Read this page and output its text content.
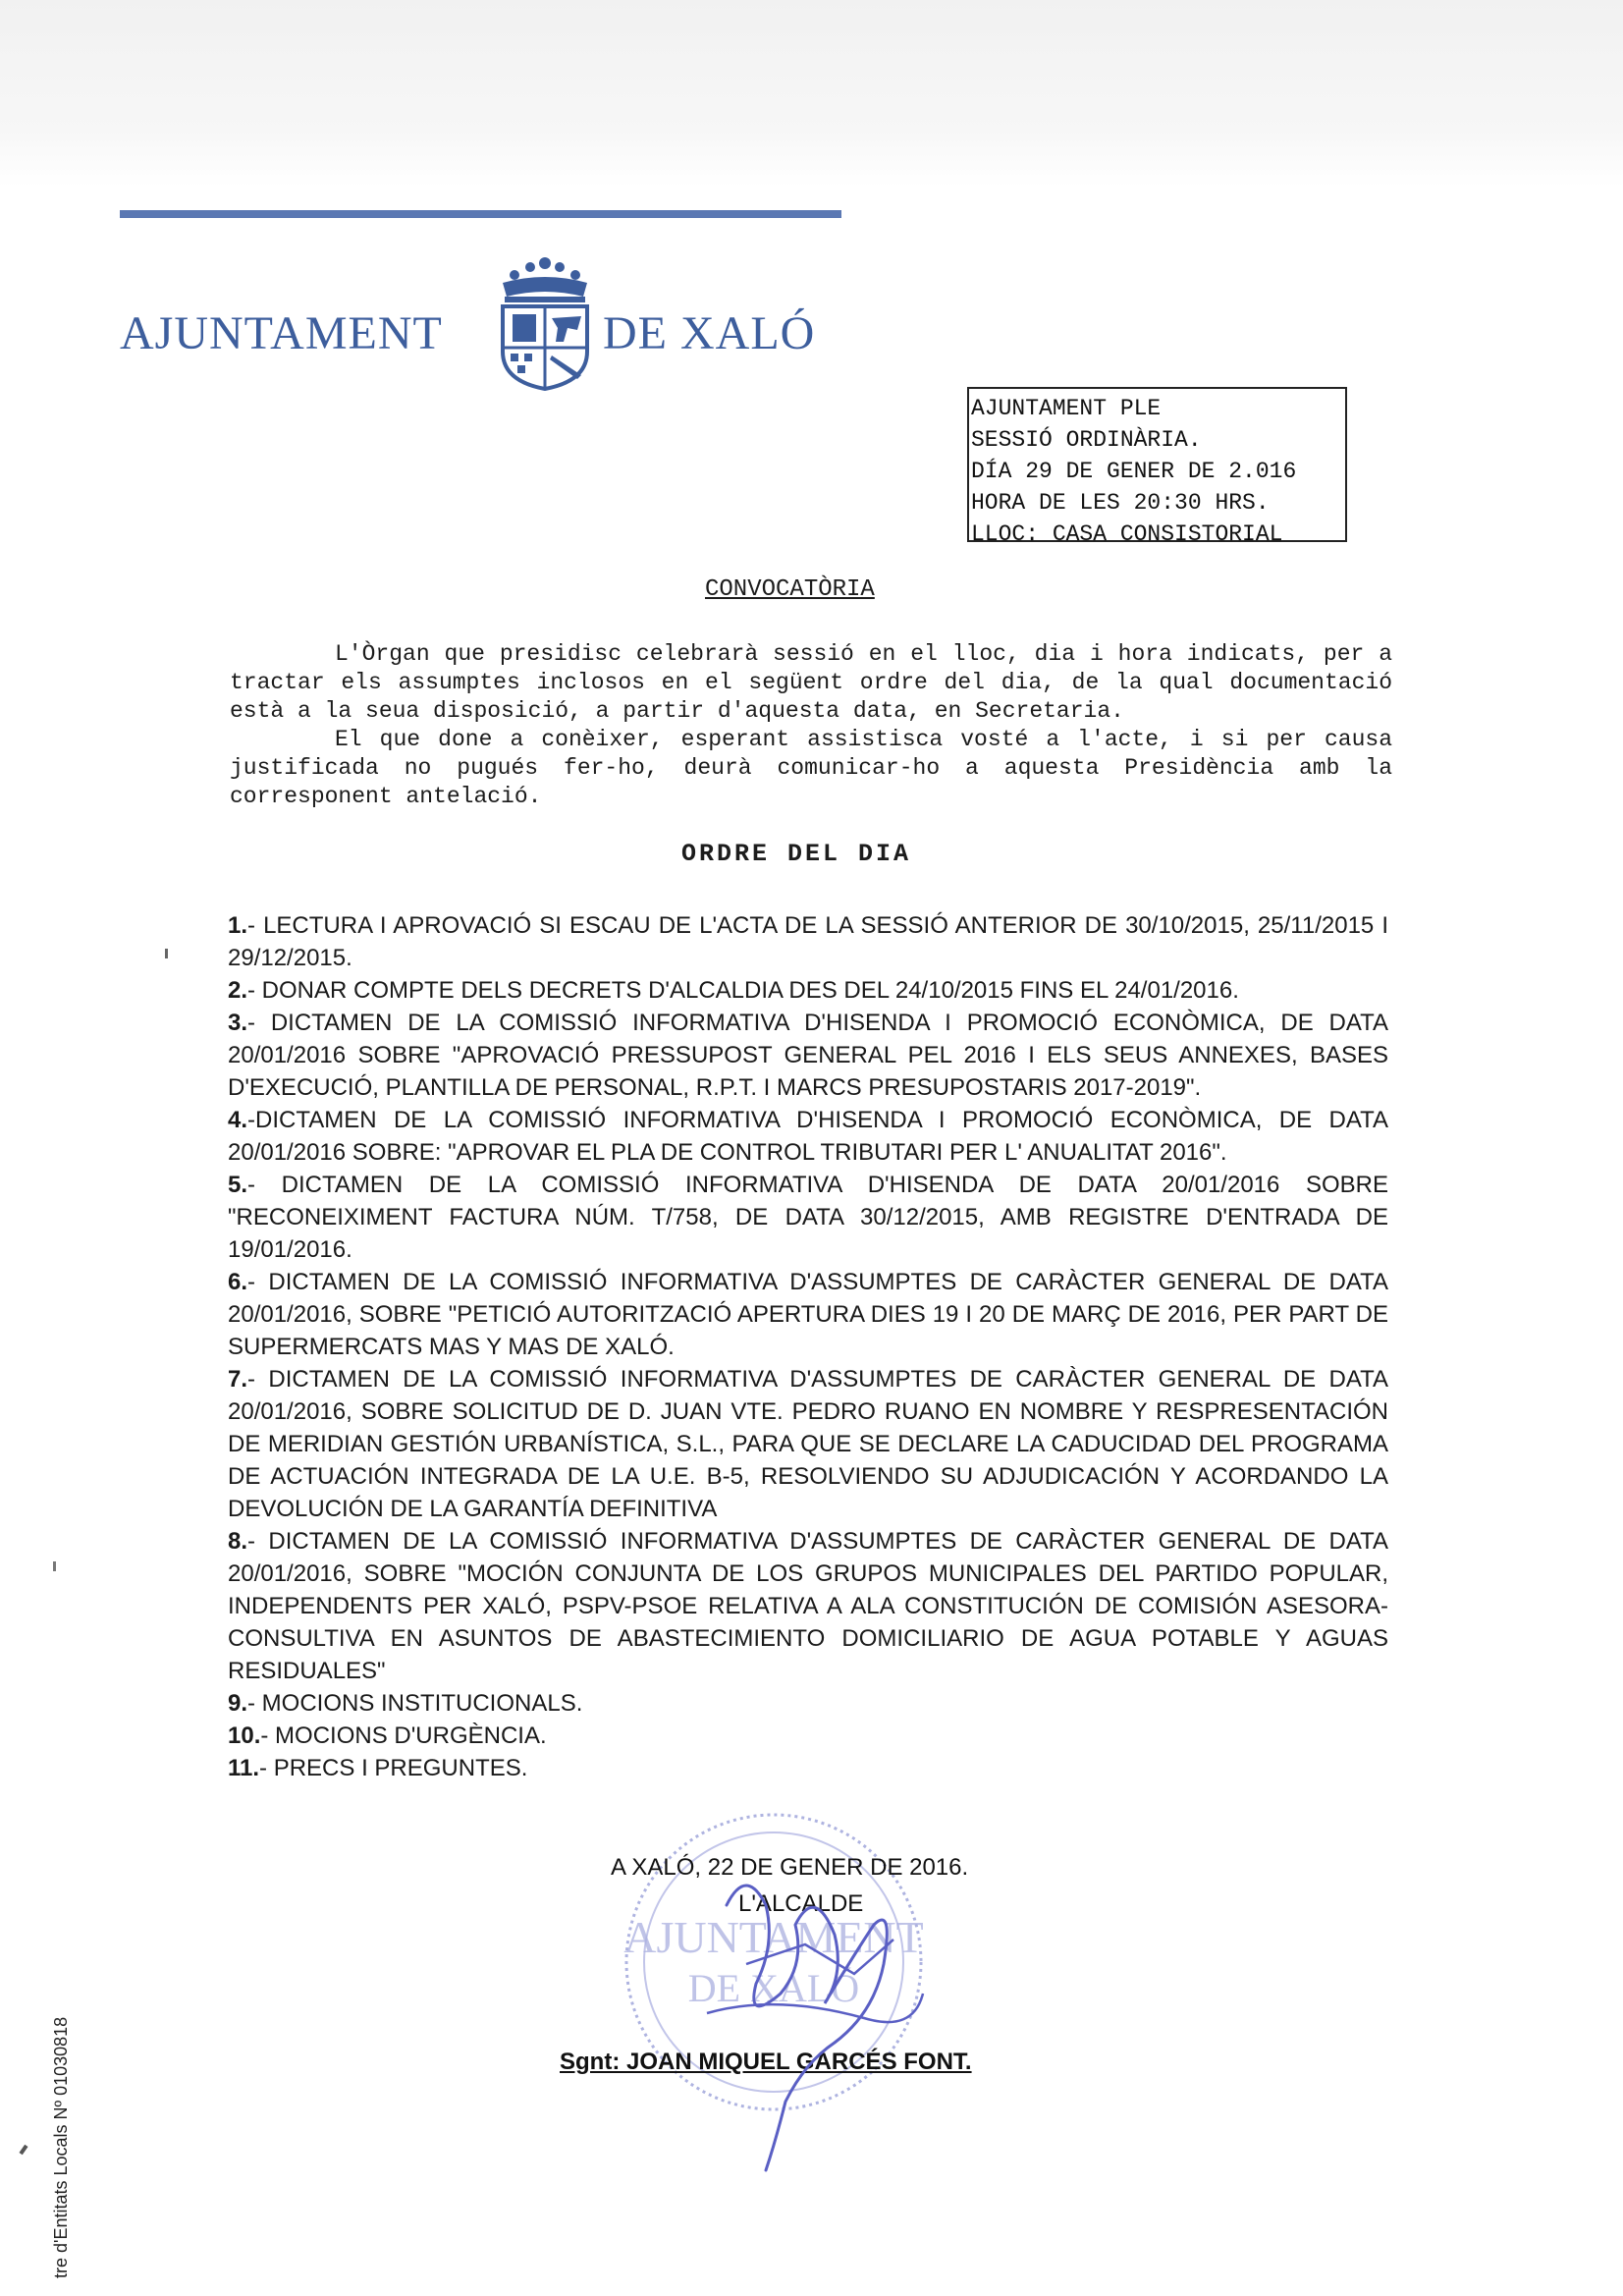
AJUNTAMENT	DE XALÓ
AJUNTAMENT PLE
SESSIÓ ORDINÀRIA.
DÍA 29 DE GENER DE 2.016
HORA DE LES 20:30 HRS.
LLOC: CASA CONSISTORIAL
CONVOCATÒRIA

L'Òrgan que presidisc celebrarà sessió en el lloc, dia i hora indicats, per a tractar els assumptes inclosos en el següent ordre del dia, de la qual documentació està a la seua disposició, a partir d'aquesta data, en Secretaria.

El que done a conèixer, esperant assistisca vosté a l'acte, i si per causa justificada no pugués fer-ho, deurà comunicar-ho a aquesta Presidència amb la corresponent antelació.

ORDRE DEL DIA
1.- LECTURA I APROVACIÓ SI ESCAU DE L'ACTA DE LA SESSIÓ ANTERIOR DE 30/10/2015, 25/11/2015 I 29/12/2015.
2.- DONAR COMPTE DELS DECRETS D'ALCALDIA DES DEL 24/10/2015 FINS EL 24/01/2016.
3.- DICTAMEN DE LA COMISSIÓ INFORMATIVA D'HISENDA I PROMOCIÓ ECONÒMICA, DE DATA 20/01/2016 SOBRE "APROVACIÓ PRESSUPOST GENERAL PEL 2016 I ELS SEUS ANNEXES, BASES D'EXECUCIÓ, PLANTILLA DE PERSONAL, R.P.T. I MARCS PRESUPOSTARIS 2017-2019".
4.-DICTAMEN DE LA COMISSIÓ INFORMATIVA D'HISENDA I PROMOCIÓ ECONÒMICA, DE DATA 20/01/2016 SOBRE: "APROVAR EL PLA DE CONTROL TRIBUTARI PER L' ANUALITAT 2016".
5.- DICTAMEN DE LA COMISSIÓ INFORMATIVA D'HISENDA DE DATA 20/01/2016 SOBRE "RECONEIXIMENT FACTURA NÚM. T/758, DE DATA 30/12/2015, AMB REGISTRE D'ENTRADA DE 19/01/2016.
6.- DICTAMEN DE LA COMISSIÓ INFORMATIVA D'ASSUMPTES DE CARÀCTER GENERAL DE DATA 20/01/2016, SOBRE "PETICIÓ AUTORITZACIÓ APERTURA DIES 19 I 20 DE MARÇ DE 2016, PER PART DE SUPERMERCATS MAS Y MAS DE XALÓ.
7.- DICTAMEN DE LA COMISSIÓ INFORMATIVA D'ASSUMPTES DE CARÀCTER GENERAL DE DATA 20/01/2016, SOBRE SOLICITUD DE D. JUAN VTE. PEDRO RUANO EN NOMBRE Y RESPRESENTACIÓN DE MERIDIAN GESTIÓN URBANÍSTICA, S.L., PARA QUE SE DECLARE LA CADUCIDAD DEL PROGRAMA DE ACTUACIÓN INTEGRADA DE LA U.E. B-5, RESOLVIENDO SU ADJUDICACIÓN Y ACORDANDO LA DEVOLUCIÓN DE LA GARANTÍA DEFINITIVA
8.- DICTAMEN DE LA COMISSIÓ INFORMATIVA D'ASSUMPTES DE CARÀCTER GENERAL DE DATA 20/01/2016, SOBRE "MOCIÓN CONJUNTA DE LOS GRUPOS MUNICIPALES DEL PARTIDO POPULAR, INDEPENDENTS PER XALÓ, PSPV-PSOE RELATIVA A ALA CONSTITUCIÓN DE COMISIÓN ASESORA-CONSULTIVA EN ASUNTOS DE ABASTECIMIENTO DOMICILIARIO DE AGUA POTABLE Y AGUAS RESIDUALES"
9.- MOCIONS INSTITUCIONALS.
10.- MOCIONS D'URGÈNCIA.
11.- PRECS I PREGUNTES.
AJUNTAMENT
DE XALÓ
A XALÓ, 22 DE GENER DE 2016.
L'ALCALDE
Sgnt: JOAN MIQUEL GARCÉS FONT.
tre d'Entitats Locals Nº 01030818
